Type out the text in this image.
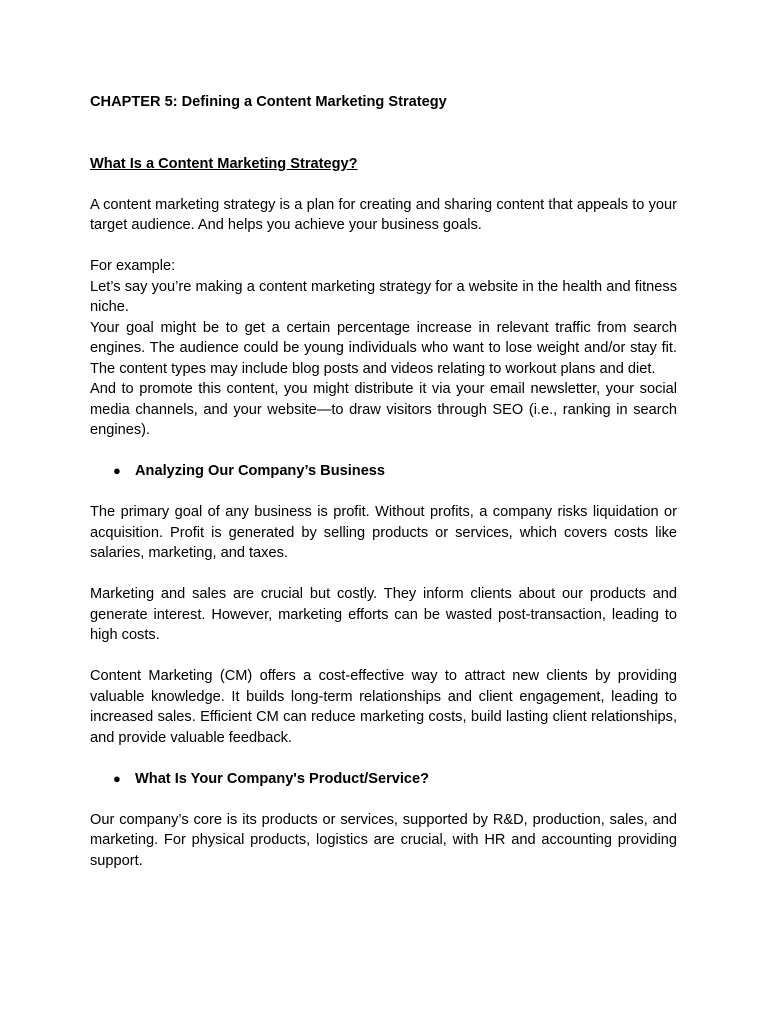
CHAPTER 5: Defining a Content Marketing Strategy

What Is a Content Marketing Strategy?

A content marketing strategy is a plan for creating and sharing content that appeals to your target audience. And helps you achieve your business goals.

For example:

Let’s say you’re making a content marketing strategy for a website in the health and fitness niche.

Your goal might be to get a certain percentage increase in relevant traffic from search engines. The audience could be young individuals who want to lose weight and/or stay fit. The content types may include blog posts and videos relating to workout plans and diet.

And to promote this content, you might distribute it via your email newsletter, your social media channels, and your website—to draw visitors through SEO (i.e., ranking in search engines).

● Analyzing Our Company’s Business

The primary goal of any business is profit. Without profits, a company risks liquidation or acquisition. Profit is generated by selling products or services, which covers costs like salaries, marketing, and taxes.

Marketing and sales are crucial but costly. They inform clients about our products and generate interest. However, marketing efforts can be wasted post-transaction, leading to high costs.

Content Marketing (CM) offers a cost-effective way to attract new clients by providing valuable knowledge. It builds long-term relationships and client engagement, leading to increased sales. Efficient CM can reduce marketing costs, build lasting client relationships, and provide valuable feedback.

● What Is Your Company's Product/Service?

Our company’s core is its products or services, supported by R&D, production, sales, and marketing. For physical products, logistics are crucial, with HR and accounting providing support.
